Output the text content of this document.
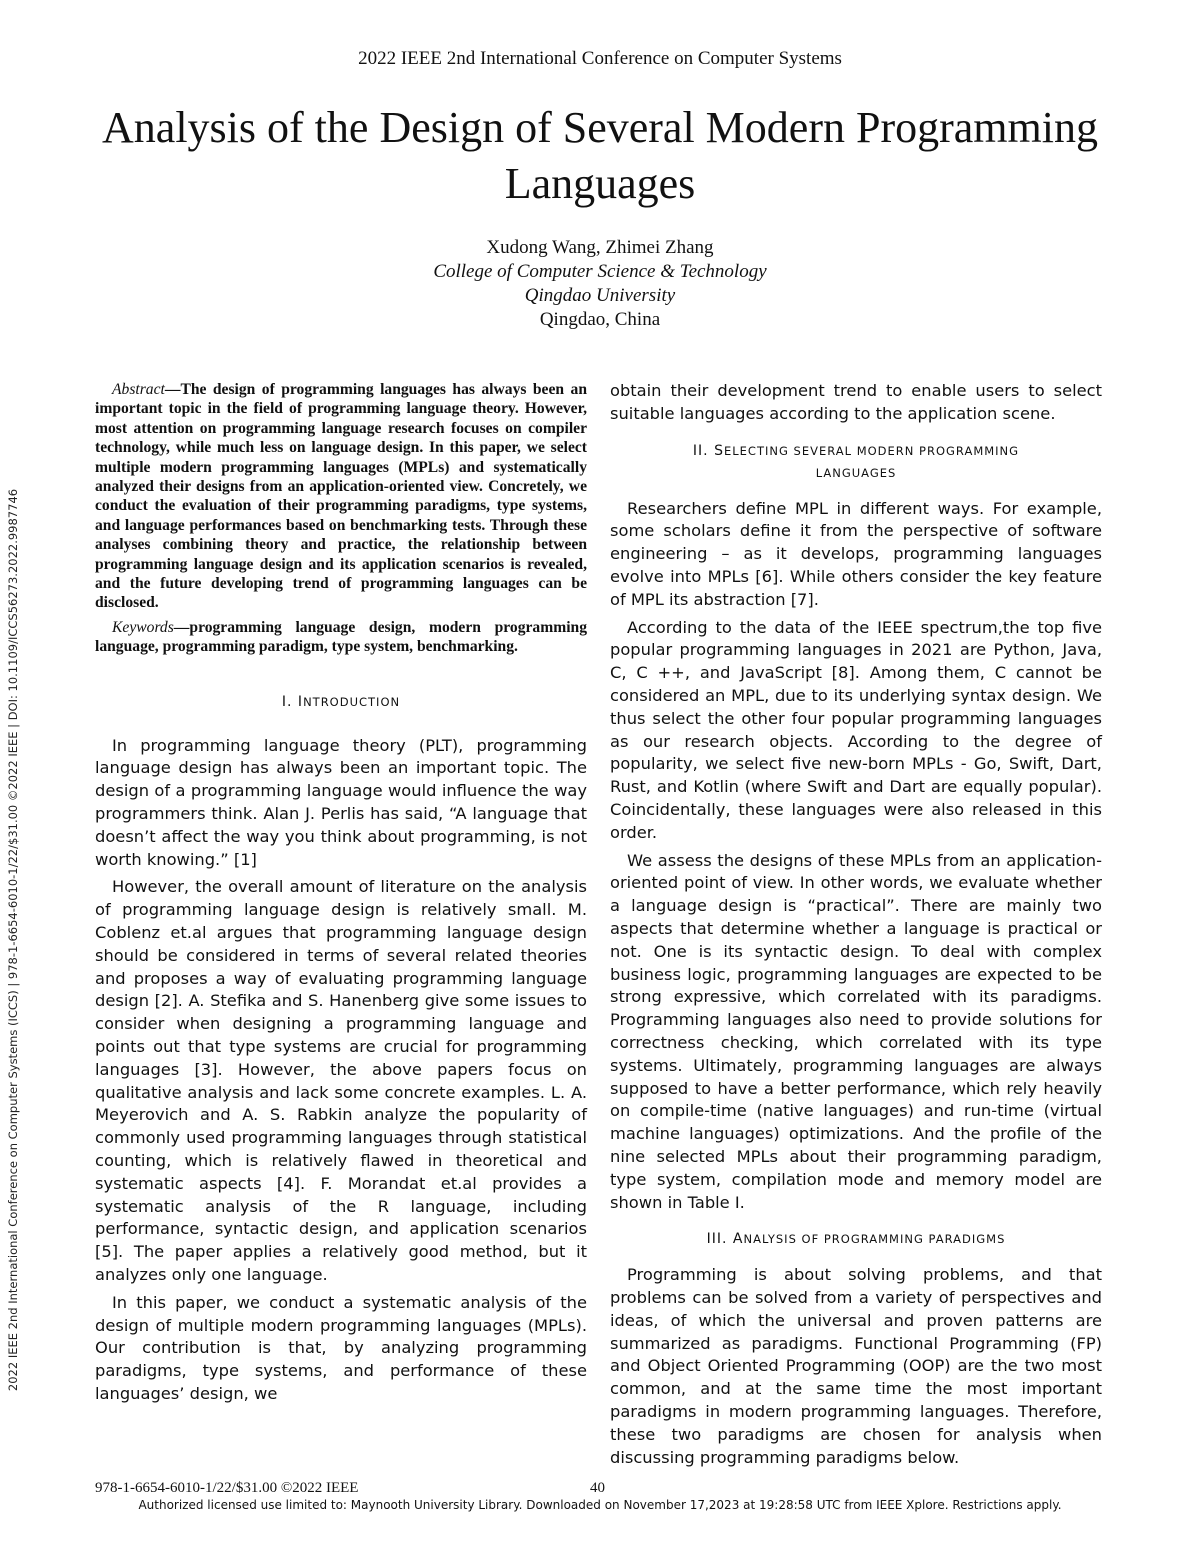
2022 IEEE 2nd International Conference on Computer Systems
Analysis of the Design of Several Modern Programming Languages
Xudong Wang, Zhimei Zhang
College of Computer Science & Technology
Qingdao University
Qingdao, China
2022 IEEE 2nd International Conference on Computer Systems (ICCS) | 978-1-6654-6010-1/22/$31.00 ©2022 IEEE | DOI: 10.1109/ICCS56273.2022.9987746

Abstract—The design of programming languages has always been an important topic in the field of programming language theory. However, most attention on programming language research focuses on compiler technology, while much less on language design. In this paper, we select multiple modern programming languages (MPLs) and systematically analyzed their designs from an application-oriented view. Concretely, we conduct the evaluation of their programming paradigms, type systems, and language performances based on benchmarking tests. Through these analyses combining theory and practice, the relationship between programming language design and its application scenarios is revealed, and the future developing trend of programming languages can be disclosed.

Keywords—programming language design, modern programming language, programming paradigm, type system, benchmarking.

I. INTRODUCTION

In programming language theory (PLT), programming language design has always been an important topic. The design of a programming language would influence the way programmers think. Alan J. Perlis has said, “A language that doesn’t affect the way you think about programming, is not worth knowing.” [1]

However, the overall amount of literature on the analysis of programming language design is relatively small. M. Coblenz et.al argues that programming language design should be considered in terms of several related theories and proposes a way of evaluating programming language design [2]. A. Stefika and S. Hanenberg give some issues to consider when designing a programming language and points out that type systems are crucial for programming languages [3]. However, the above papers focus on qualitative analysis and lack some concrete examples. L. A. Meyerovich and A. S. Rabkin analyze the popularity of commonly used programming languages through statistical counting, which is relatively flawed in theoretical and systematic aspects [4]. F. Morandat et.al provides a systematic analysis of the R language, including performance, syntactic design, and application scenarios [5]. The paper applies a relatively good method, but it analyzes only one language.

In this paper, we conduct a systematic analysis of the design of multiple modern programming languages (MPLs). Our contribution is that, by analyzing programming paradigms, type systems, and performance of these languages’ design, we

obtain their development trend to enable users to select suitable languages according to the application scene.

II. SELECTING SEVERAL MODERN PROGRAMMING
LANGUAGES

Researchers define MPL in different ways. For example, some scholars define it from the perspective of software engineering – as it develops, programming languages evolve into MPLs [6]. While others consider the key feature of MPL its abstraction [7].

According to the data of the IEEE spectrum,the top five popular programming languages in 2021 are Python, Java, C, C ++, and JavaScript [8]. Among them, C cannot be considered an MPL, due to its underlying syntax design. We thus select the other four popular programming languages as our research objects. According to the degree of popularity, we select five new-born MPLs - Go, Swift, Dart, Rust, and Kotlin (where Swift and Dart are equally popular). Coincidentally, these languages were also released in this order.

We assess the designs of these MPLs from an application-oriented point of view. In other words, we evaluate whether a language design is “practical”. There are mainly two aspects that determine whether a language is practical or not. One is its syntactic design. To deal with complex business logic, programming languages are expected to be strong expressive, which correlated with its paradigms. Programming languages also need to provide solutions for correctness checking, which correlated with its type systems. Ultimately, programming languages are always supposed to have a better performance, which rely heavily on compile-time (native languages) and run-time (virtual machine languages) optimizations. And the profile of the nine selected MPLs about their programming paradigm, type system, compilation mode and memory model are shown in Table I.

III. ANALYSIS OF PROGRAMMING PARADIGMS

Programming is about solving problems, and that problems can be solved from a variety of perspectives and ideas, of which the universal and proven patterns are summarized as paradigms. Functional Programming (FP) and Object Oriented Programming (OOP) are the two most common, and at the same time the most important paradigms in modern programming languages. Therefore, these two paradigms are chosen for analysis when discussing programming paradigms below.

978-1-6654-6010-1/22/$31.00 ©2022 IEEE	40
Authorized licensed use limited to: Maynooth University Library. Downloaded on November 17,2023 at 19:28:58 UTC from IEEE Xplore. Restrictions apply.
